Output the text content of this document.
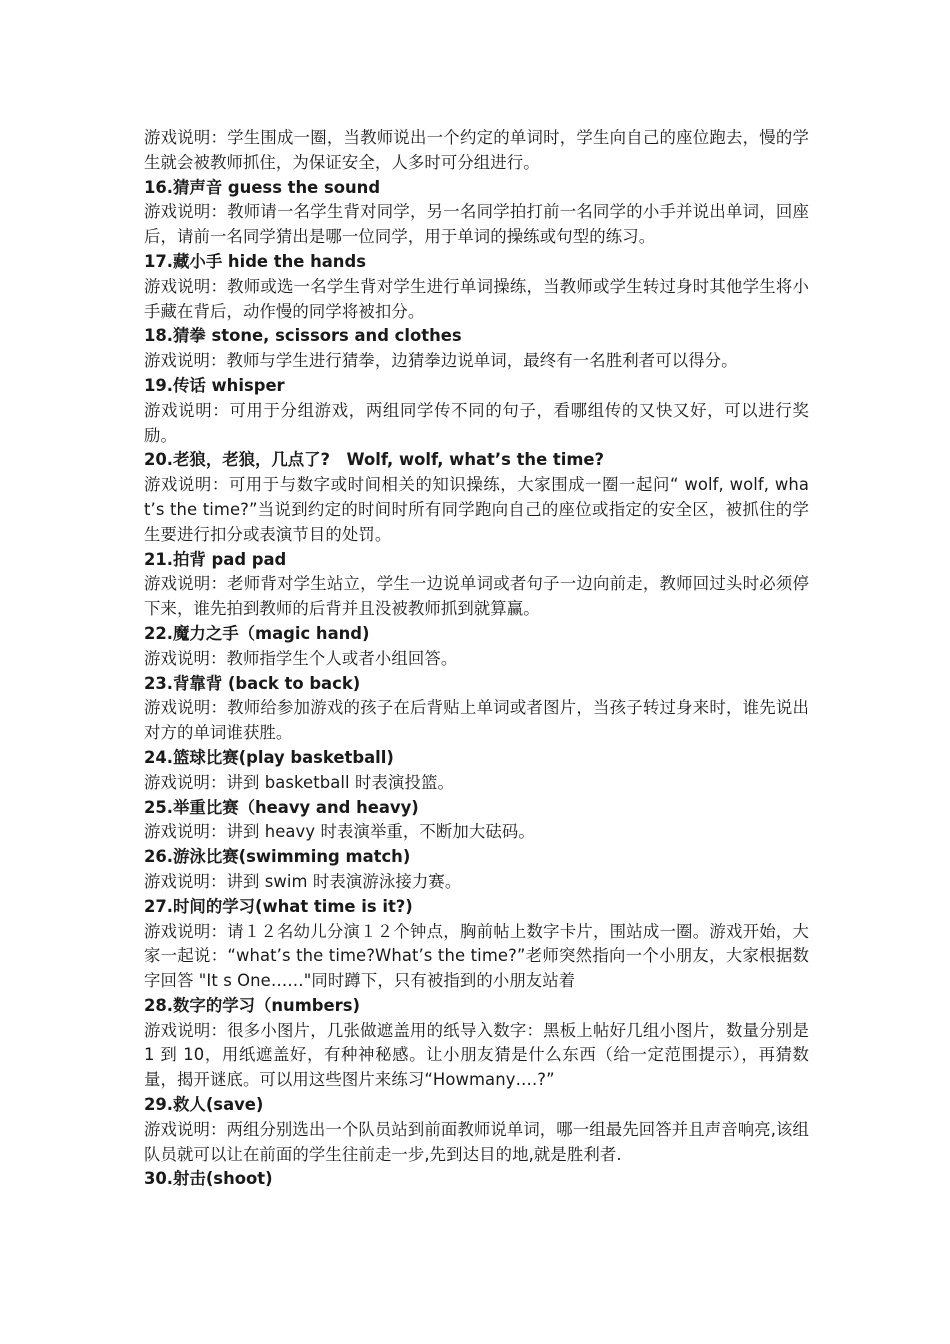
游戏说明：学生围成一圈，当教师说出一个约定的单词时，学生向自己的座位跑去，慢的学生就会被教师抓住，为保证安全，人多时可分组进行。

16.猜声音 guess the sound

游戏说明：教师请一名学生背对同学，另一名同学拍打前一名同学的小手并说出单词，回座后，请前一名同学猜出是哪一位同学，用于单词的操练或句型的练习。

17.藏小手 hide the hands

游戏说明：教师或选一名学生背对学生进行单词操练，当教师或学生转过身时其他学生将小手藏在背后，动作慢的同学将被扣分。

18.猜拳 stone, scissors and clothes

游戏说明：教师与学生进行猜拳，边猜拳边说单词，最终有一名胜利者可以得分。

19.传话 whisper

游戏说明：可用于分组游戏，两组同学传不同的句子，看哪组传的又快又好，可以进行奖励。

20.老狼，老狼，几点了?　Wolf, wolf, what’s the time?

游戏说明：可用于与数字或时间相关的知识操练，大家围成一圈一起问“ wolf, wolf, what’s the time?”当说到约定的时间时所有同学跑向自己的座位或指定的安全区，被抓住的学生要进行扣分或表演节目的处罚。

21.拍背 pad pad

游戏说明：老师背对学生站立，学生一边说单词或者句子一边向前走，教师回过头时必须停下来，谁先拍到教师的后背并且没被教师抓到就算赢。

22.魔力之手（magic hand)

游戏说明：教师指学生个人或者小组回答。

23.背靠背 (back to back)

游戏说明：教师给参加游戏的孩子在后背贴上单词或者图片，当孩子转过身来时，谁先说出对方的单词谁获胜。

24.篮球比赛(play basketball)

游戏说明：讲到 basketball 时表演投篮。

25.举重比赛（heavy and heavy)

游戏说明：讲到 heavy 时表演举重，不断加大砝码。

26.游泳比赛(swimming match)

游戏说明：讲到 swim 时表演游泳接力赛。

27.时间的学习(what time is it?)

游戏说明：请１２名幼儿分演１２个钟点，胸前帖上数字卡片，围站成一圈。游戏开始，大家一起说：“what’s the time?What’s the time?”老师突然指向一个小朋友，大家根据数字回答 "It s One……"同时蹲下，只有被指到的小朋友站着

28.数字的学习（numbers)

游戏说明：很多小图片，几张做遮盖用的纸导入数字：黑板上帖好几组小图片，数量分别是 1 到 10，用纸遮盖好，有种神秘感。让小朋友猜是什么东西（给一定范围提示），再猜数量，揭开谜底。可以用这些图片来练习“Howmany….?”

29.救人(save)

游戏说明：两组分别选出一个队员站到前面教师说单词，哪一组最先回答并且声音响亮,该组队员就可以让在前面的学生往前走一步,先到达目的地,就是胜利者.

30.射击(shoot)
